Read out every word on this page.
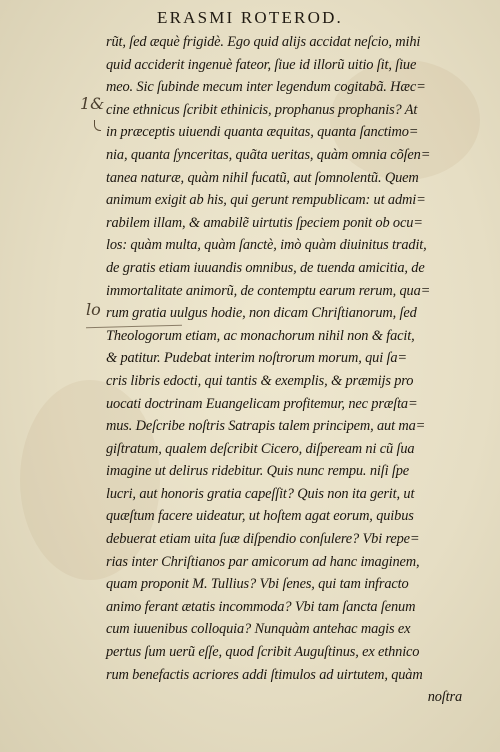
ERASMI ROTEROD.
1&
lo
rũt, ſed æquè frigidè. Ego quid alijs accidat neſcio, mihi
quid acciderit ingenuè fateor, ſiue id illorũ uitio ſit, ſiue
meo. Sic ſubinde mecum inter legendum cogitabã. Hæc=
cine ethnicus ſcribit ethinicis, prophanus prophanis? At
in præceptis uiuendi quanta æquitas, quanta ſanctimo=
nia, quanta ſynceritas, quãta ueritas, quàm omnia cõſen=
tanea naturæ, quàm nihil fucatũ, aut ſomnolentũ. Quem
animum exigit ab his, qui gerunt rempublicam: ut admi=
rabilem illam, & amabilẽ uirtutis ſpeciem ponit ob ocu=
los: quàm multa, quàm ſanctè, imò quàm diuinitus tradit,
de gratis etiam iuuandis omnibus, de tuenda amicitia, de
immortalitate animorũ, de contemptu earum rerum, qua=
rum gratia uulgus hodie, non dicam Chriſtianorum, ſed
Theologorum etiam, ac monachorum nihil non & facit,
& patitur. Pudebat interim noſtrorum morum, qui ſa=
cris libris edocti, qui tantis & exemplis, & præmijs pro
uocati doctrinam Euangelicam profitemur, nec præſta=
mus. Deſcribe noſtris Satrapis talem principem, aut ma=
giſtratum, qualem deſcribit Cicero, diſpeream ni cũ ſua
imagine ut delirus ridebitur. Quis nunc rempu. niſi ſpe
lucri, aut honoris gratia capeſſit? Quis non ita gerit, ut
quæſtum facere uideatur, ut hoſtem agat eorum, quibus
debuerat etiam uita ſuæ diſpendio conſulere? Vbi repe=
rias inter Chriſtianos par amicorum ad hanc imaginem,
quam proponit M. Tullius? Vbi ſenes, qui tam infracto
animo ferant ætatis incommoda? Vbi tam ſancta ſenum
cum iuuenibus colloquia? Nunquàm antehac magis ex
pertus ſum uerũ eſſe, quod ſcribit Auguſtinus, ex ethnico
rum benefactis acriores addi ſtimulos ad uirtutem, quàm
noſtra
